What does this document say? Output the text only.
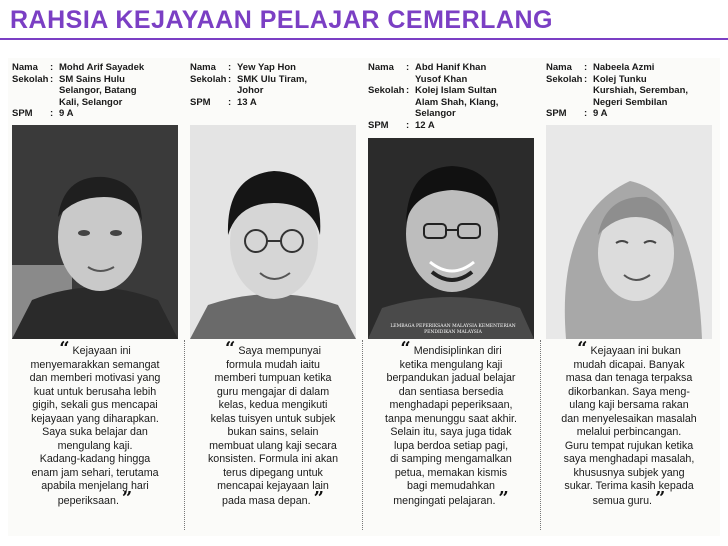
RAHSIA KEJAYAAN PELAJAR CEMERLANG
Nama	: Mohd Arif Sayadek
Sekolah : SM Sains Hulu
Selangor, Batang
Kali, Selangor
SPM	: 9 A

“ Kejayaan ini

menyemarakkan semangat

dan memberi motivasi yang

kuat untuk berusaha lebih

gigih, sekali gus mencapai

kejayaan yang diharapkan.

Saya suka belajar dan

mengulang kaji.

Kadang-kadang hingga

enam jam sehari, terutama

apabila menjelang hari

peperiksaan. ”

Nama	: Yew Yap Hon
Sekolah : SMK Ulu Tiram,
Johor
SPM	: 13 A

“ Saya mempunyai

formula mudah iaitu

memberi tumpuan ketika

guru mengajar di dalam

kelas, kedua mengikuti

kelas tuisyen untuk subjek

bukan sains, selain

membuat ulang kaji secara

konsisten. Formula ini akan

terus dipegang untuk

mencapai kejayaan lain

pada masa depan. ”

Nama	: Abd Hanif Khan
Yusof Khan
Sekolah : Kolej Islam Sultan
Alam Shah, Klang,
Selangor
SPM	: 12 A
LEMBAGA PEPERIKSAAN MALAYSIA KEMENTERIAN PENDIDIKAN MALAYSIA

“ Mendisiplinkan diri

ketika mengulang kaji

berpandukan jadual belajar

dan sentiasa bersedia

menghadapi peperiksaan,

tanpa menunggu saat akhir.

Selain itu, saya juga tidak

lupa berdoa setiap pagi,

di samping mengamalkan

petua, memakan kismis

bagi memudahkan

mengingati pelajaran. ”

Nama	: Nabeela Azmi
Sekolah : Kolej Tunku
Kurshiah, Seremban,
Negeri Sembilan
SPM	: 9 A

“ Kejayaan ini bukan

mudah dicapai. Banyak

masa dan tenaga terpaksa

dikorbankan. Saya meng-

ulang kaji bersama rakan

dan menyelesaikan masalah

melalui perbincangan.

Guru tempat rujukan ketika

saya menghadapi masalah,

khususnya subjek yang

sukar. Terima kasih kepada

semua guru. ”
